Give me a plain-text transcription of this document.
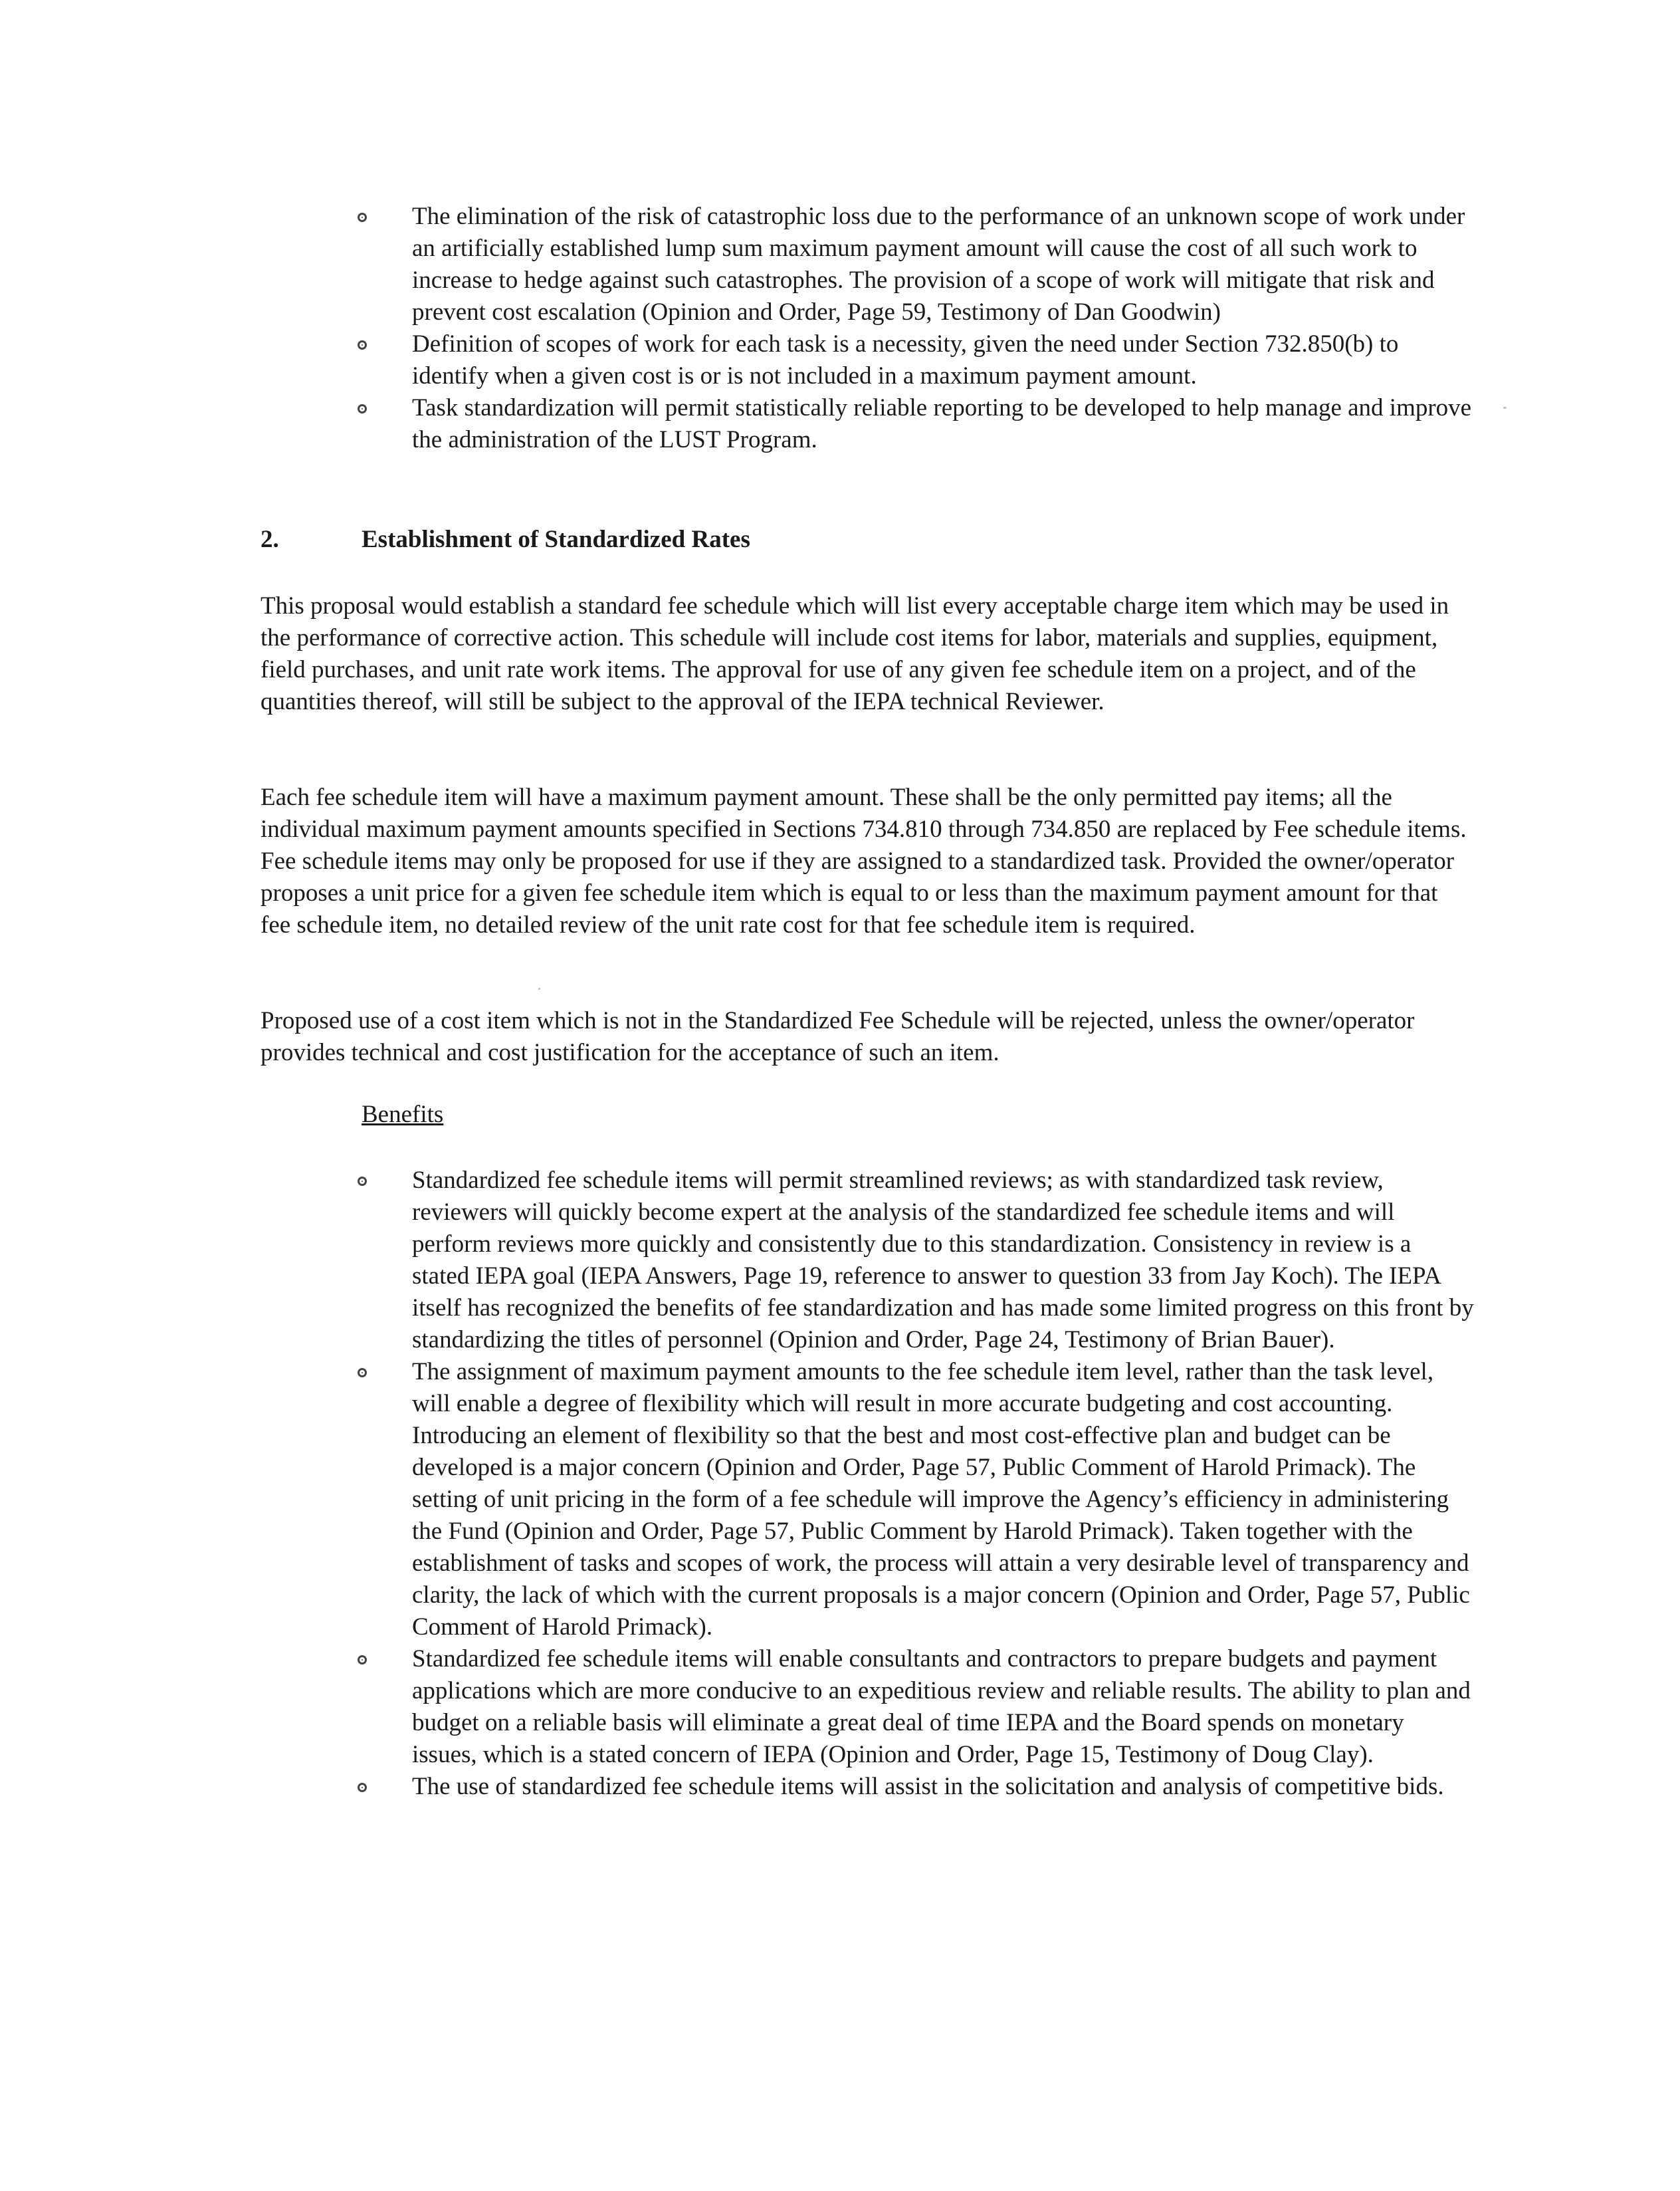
The elimination of the risk of catastrophic loss due to the performance of an unknown scope of work under an artificially established lump sum maximum payment amount will cause the cost of all such work to increase to hedge against such catastrophes. The provision of a scope of work will mitigate that risk and prevent cost escalation (Opinion and Order, Page 59, Testimony of Dan Goodwin)
Definition of scopes of work for each task is a necessity, given the need under Section 732.850(b) to identify when a given cost is or is not included in a maximum payment amount.
Task standardization will permit statistically reliable reporting to be developed to help manage and improve the administration of the LUST Program.
2.	Establishment of Standardized Rates
This proposal would establish a standard fee schedule which will list every acceptable charge item which may be used in the performance of corrective action. This schedule will include cost items for labor, materials and supplies, equipment, field purchases, and unit rate work items. The approval for use of any given fee schedule item on a project, and of the quantities thereof, will still be subject to the approval of the IEPA technical Reviewer.
Each fee schedule item will have a maximum payment amount. These shall be the only permitted pay items; all the individual maximum payment amounts specified in Sections 734.810 through 734.850 are replaced by Fee schedule items. Fee schedule items may only be proposed for use if they are assigned to a standardized task. Provided the owner/operator proposes a unit price for a given fee schedule item which is equal to or less than the maximum payment amount for that fee schedule item, no detailed review of the unit rate cost for that fee schedule item is required.
Proposed use of a cost item which is not in the Standardized Fee Schedule will be rejected, unless the owner/operator provides technical and cost justification for the acceptance of such an item.
Benefits
Standardized fee schedule items will permit streamlined reviews; as with standardized task review, reviewers will quickly become expert at the analysis of the standardized fee schedule items and will perform reviews more quickly and consistently due to this standardization. Consistency in review is a stated IEPA goal (IEPA Answers, Page 19, reference to answer to question 33 from Jay Koch). The IEPA itself has recognized the benefits of fee standardization and has made some limited progress on this front by standardizing the titles of personnel (Opinion and Order, Page 24, Testimony of Brian Bauer).
The assignment of maximum payment amounts to the fee schedule item level, rather than the task level, will enable a degree of flexibility which will result in more accurate budgeting and cost accounting. Introducing an element of flexibility so that the best and most cost-effective plan and budget can be developed is a major concern (Opinion and Order, Page 57, Public Comment of Harold Primack). The setting of unit pricing in the form of a fee schedule will improve the Agency’s efficiency in administering the Fund (Opinion and Order, Page 57, Public Comment by Harold Primack). Taken together with the establishment of tasks and scopes of work, the process will attain a very desirable level of transparency and clarity, the lack of which with the current proposals is a major concern (Opinion and Order, Page 57, Public Comment of Harold Primack).
Standardized fee schedule items will enable consultants and contractors to prepare budgets and payment applications which are more conducive to an expeditious review and reliable results. The ability to plan and budget on a reliable basis will eliminate a great deal of time IEPA and the Board spends on monetary issues, which is a stated concern of IEPA (Opinion and Order, Page 15, Testimony of Doug Clay).
The use of standardized fee schedule items will assist in the solicitation and analysis of competitive bids.
